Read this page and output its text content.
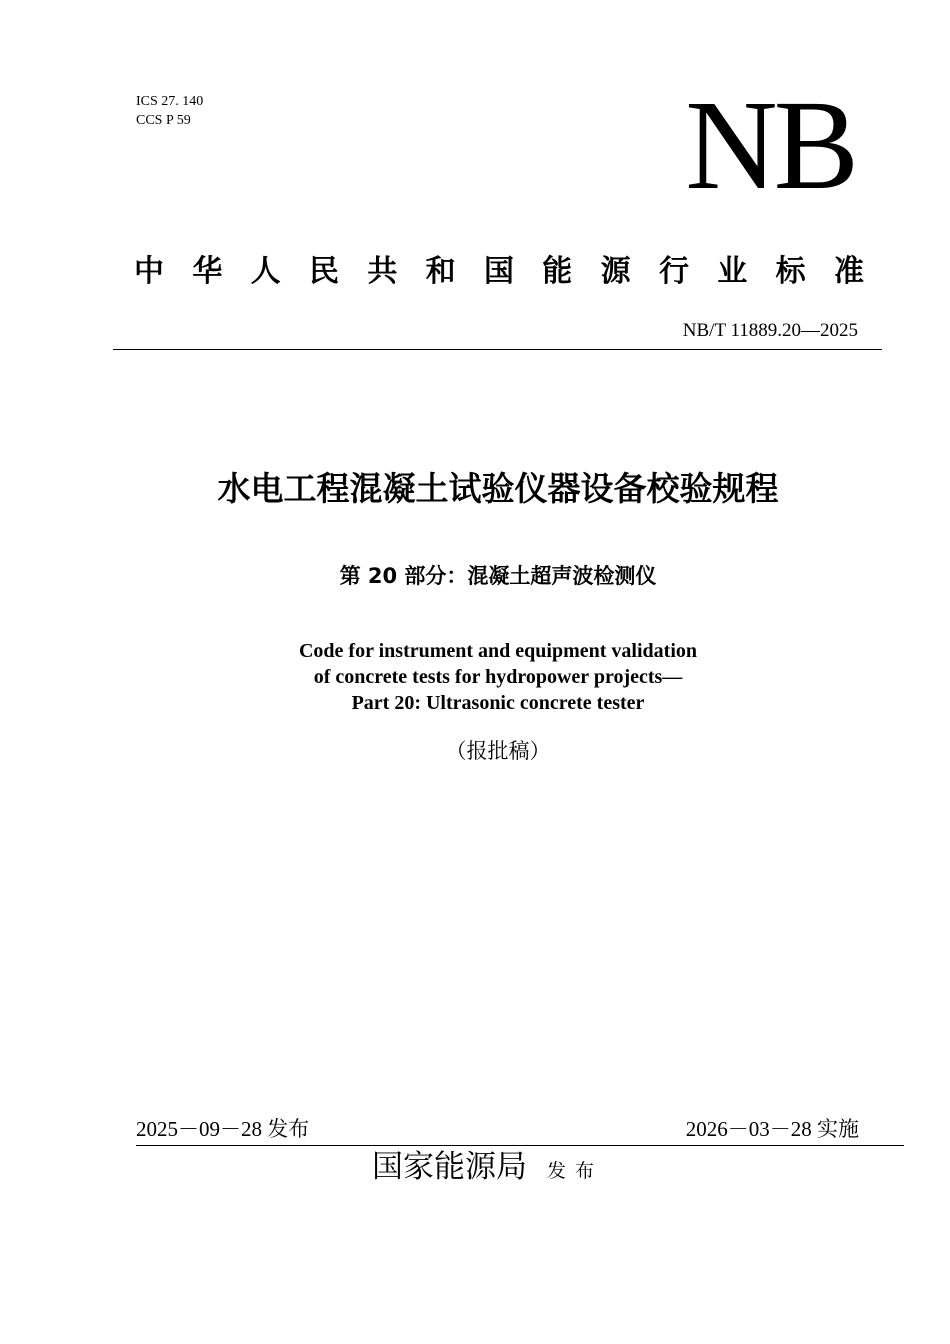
ICS 27. 140
CCS P 59	NB
中 华 人 民 共 和 国 能 源 行 业 标 准
NB/T 11889.20—2025
水电工程混凝土试验仪器设备校验规程
第 20 部分：混凝土超声波检测仪
Code for instrument and equipment validation
of concrete tests for hydropower projects—
Part 20: Ultrasonic concrete tester
（报批稿）
2025－09－28 发布	2026－03－28 实施
国家能源局 发布
